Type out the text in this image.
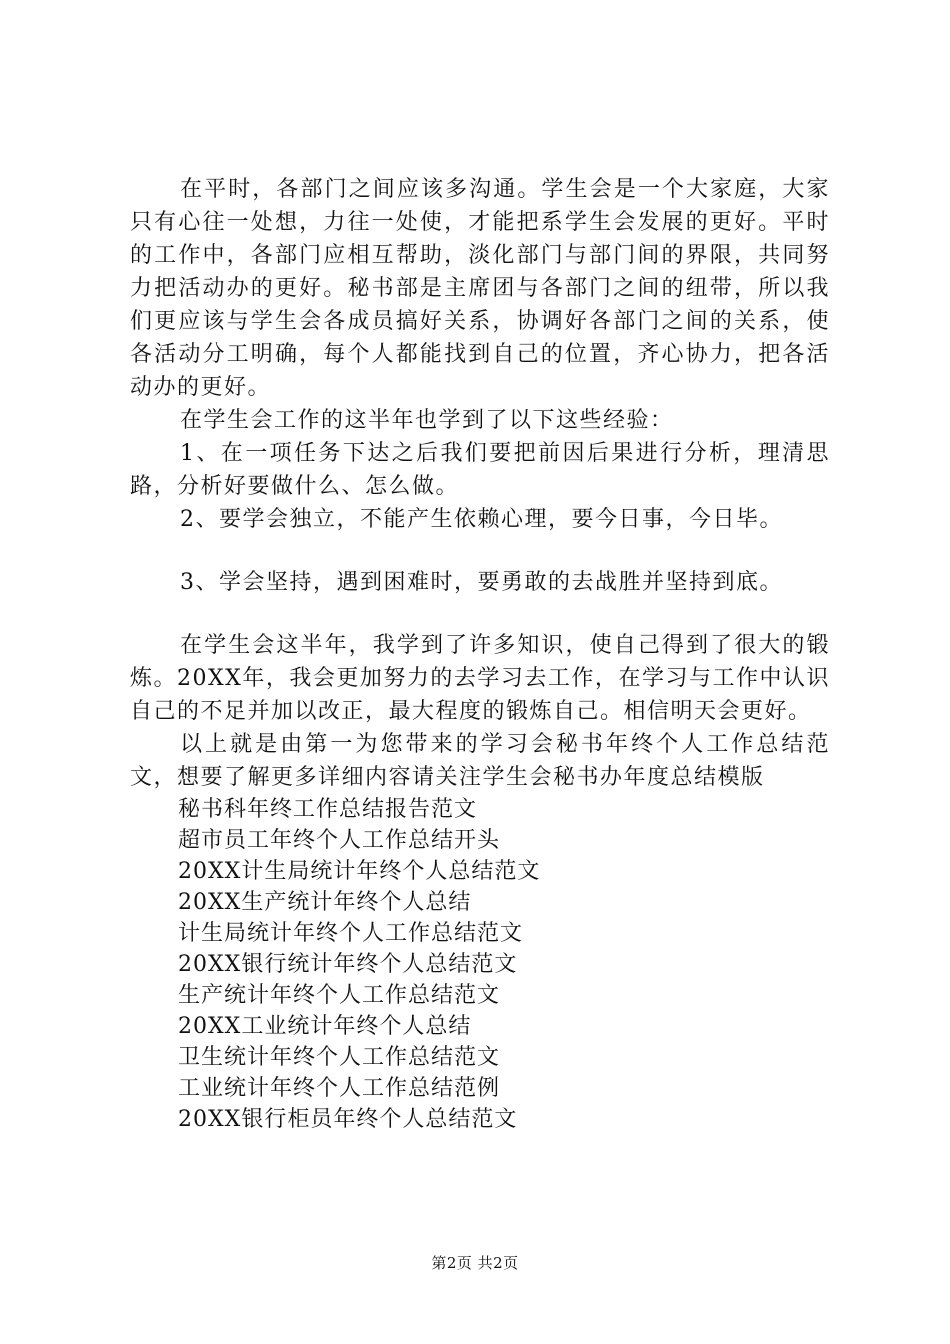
在平时，各部门之间应该多沟通。学生会是一个大家庭，大家只有心往一处想，力往一处使，才能把系学生会发展的更好。平时的工作中，各部门应相互帮助，淡化部门与部门间的界限，共同努力把活动办的更好。秘书部是主席团与各部门之间的纽带，所以我们更应该与学生会各成员搞好关系，协调好各部门之间的关系，使各活动分工明确，每个人都能找到自己的位置，齐心协力，把各活动办的更好。

在学生会工作的这半年也学到了以下这些经验：

1、在一项任务下达之后我们要把前因后果进行分析，理清思路，分析好要做什么、怎么做。

2、要学会独立，不能产生依赖心理，要今日事，今日毕。

3、学会坚持，遇到困难时，要勇敢的去战胜并坚持到底。

在学生会这半年，我学到了许多知识，使自己得到了很大的锻炼。20XX年，我会更加努力的去学习去工作，在学习与工作中认识自己的不足并加以改正，最大程度的锻炼自己。相信明天会更好。

以上就是由第一为您带来的学习会秘书年终个人工作总结范文，想要了解更多详细内容请关注学生会秘书办年度总结模版

秘书科年终工作总结报告范文
超市员工年终个人工作总结开头
20XX计生局统计年终个人总结范文
20XX生产统计年终个人总结
计生局统计年终个人工作总结范文
20XX银行统计年终个人总结范文
生产统计年终个人工作总结范文
20XX工业统计年终个人总结
卫生统计年终个人工作总结范文
工业统计年终个人工作总结范例
20XX银行柜员年终个人总结范文
第2页 共2页
